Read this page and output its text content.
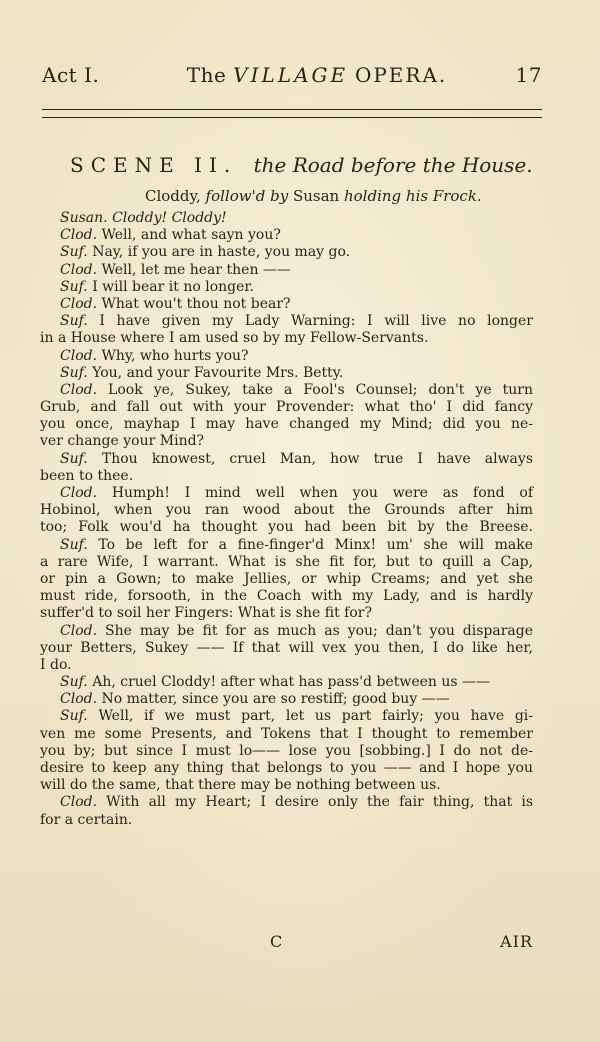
Act I.	The VILLAGE OPERA.	17
SCENE II. the Road before the House.
Cloddy, follow'd by Susan holding his Frock.
Susan. Cloddy! Cloddy!
Clod. Well, and what sayn you?
Suf. Nay, if you are in haste, you may go.
Clod. Well, let me hear then ——
Suf. I will bear it no longer.
Clod. What wou't thou not bear?
Suf. I have given my Lady Warning: I will live no longer
in a House where I am used so by my Fellow-Servants.
Clod. Why, who hurts you?
Suf. You, and your Favourite Mrs. Betty.
Clod. Look ye, Sukey, take a Fool's Counsel; don't ye turn
Grub, and fall out with your Provender: what tho' I did fancy
you once, mayhap I may have changed my Mind; did you ne-
ver change your Mind?
Suf. Thou knowest, cruel Man, how true I have always
been to thee.
Clod. Humph! I mind well when you were as fond of
Hobinol, when you ran wood about the Grounds after him
too; Folk wou'd ha thought you had been bit by the Breese.
Suf. To be left for a fine-finger'd Minx! um' she will make
a rare Wife, I warrant. What is she fit for, but to quill a Cap,
or pin a Gown; to make Jellies, or whip Creams; and yet she
must ride, forsooth, in the Coach with my Lady, and is hardly
suffer'd to soil her Fingers: What is she fit for?
Clod. She may be fit for as much as you; dan't you disparage
your Betters, Sukey —— If that will vex you then, I do like her,
I do.
Suf. Ah, cruel Cloddy! after what has pass'd between us ——
Clod. No matter, since you are so restiff; good buy ——
Suf. Well, if we must part, let us part fairly; you have gi-
ven me some Presents, and Tokens that I thought to remember
you by; but since I must lo—— lose you [sobbing.] I do not de-
desire to keep any thing that belongs to you —— and I hope you
will do the same, that there may be nothing between us.
Clod. With all my Heart; I desire only the fair thing, that is
for a certain.
C	AIR
